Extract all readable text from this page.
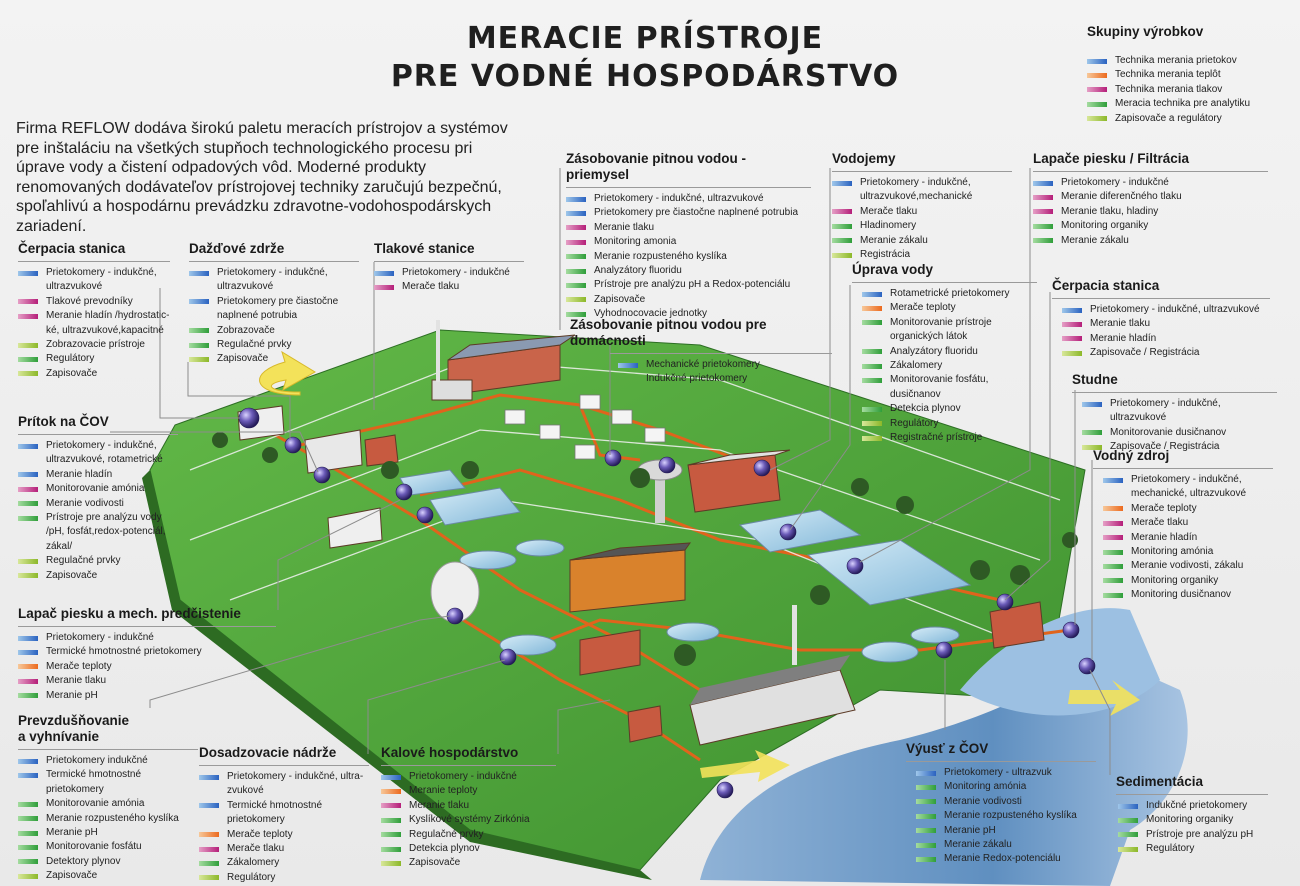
MERACIE PRÍSTROJE
PRE VODNÉ HOSPODÁRSTVO
Firma REFLOW dodáva širokú paletu meracích prístrojov a systémov pre inštaláciu na všetkých stupňoch technologického procesu pri úprave vody a čistení odpadových vôd. Moderné produkty renomovaných dodávateľov prístrojovej techniky zaručujú bezpečnú, spoľahlivú a hospodárnu prevádzku zdravotne-vodohospodárskych zariadení.
Skupiny výrobkov
Technika merania prietokov
Technika merania teplôt
Technika merania tlakov
Meracia technika pre analytiku
Zapisovače a regulátory
Čerpacia stanica
Prietokomery - indukčné,
ultrazvukové
Tlakové prevodníky
Meranie hladín /hydrostatic-
ké, ultrazvukové,kapacitné
Zobrazovacie prístroje
Regulátory
Zapisovače
Dažďové zdrže
Prietokomery - indukčné,
ultrazvukové
Prietokomery pre čiastočne
naplnené potrubia
Zobrazovače
Regulačné prvky
Zapisovače
Tlakové stanice
Prietokomery - indukčné
Merače tlaku
Zásobovanie pitnou vodou - priemysel
Prietokomery - indukčné, ultrazvukové
Prietokomery pre čiastočne naplnené potrubia
Meranie tlaku
Monitoring amonia
Meranie rozpusteného kyslíka
Analyzátory fluoridu
Prístroje pre analýzu pH a Redox-potenciálu
Zapisovače
Vyhodnocovacie jednotky
Vodojemy
Prietokomery - indukčné,
ultrazvukové,mechanické
Merače tlaku
Hladinomery
Meranie zákalu
Registrácia
Lapače piesku / Filtrácia
Prietokomery - indukčné
Meranie diferenčného tlaku
Meranie tlaku, hladiny
Monitoring organiky
Meranie zákalu
Zásobovanie pitnou vodou pre domácnosti
Mechanické prietokomery
Indukčné prietokomery
Úprava vody
Rotametrické prietokomery
Merače teploty
Monitorovanie prístroje
organických látok
Analyzátory fluoridu
Zákalomery
Monitorovanie fosfátu,
dusičnanov
Detekcia plynov
Regulátory
Registračné prístroje
Čerpacia stanica
Prietokomery - indukčné, ultrazvukové
Meranie tlaku
Meranie hladín
Zapisovače / Registrácia
Studne
Prietokomery - indukčné, ultrazvukové
Monitorovanie dusičnanov
Zapisovače / Registrácia
Vodný zdroj
Prietokomery - indukčné,
mechanické, ultrazvukové
Merače teploty
Merače tlaku
Meranie hladín
Monitoring amónia
Meranie vodivosti, zákalu
Monitoring organiky
Monitoring dusičnanov
Prítok na ČOV
Prietokomery - indukčné,
ultrazvukové, rotametrické
Meranie hladín
Monitorovanie amónia
Meranie vodivosti
Prístroje pre analýzu vody
/pH, fosfát,redox-potenciál,
zákal/
Regulačné prvky
Zapisovače
Lapač piesku a mech. predčistenie
Prietokomery - indukčné
Termické hmotnostné prietokomery
Merače teploty
Meranie tlaku
Meranie pH
Prevzdušňovanie
a vyhnívanie
Prietokomery indukčné
Termické hmotnostné prietokomery
Monitorovanie amónia
Meranie rozpusteného kyslíka
Meranie pH
Monitorovanie fosfátu
Detektory plynov
Zapisovače
Dosadzovacie nádrže
Prietokomery - indukčné, ultra-
zvukové
Termické hmotnostné prietokomery
Merače teploty
Merače tlaku
Zákalomery
Regulátory
Kalové hospodárstvo
Prietokomery - indukčné
Meranie teploty
Meranie tlaku
Kyslíkové systémy Zirkónia
Regulačné prvky
Detekcia plynov
Zapisovače
Výusť z ČOV
Prietokomery - ultrazvuk
Monitoring amónia
Meranie vodivosti
Meranie rozpusteného kyslíka
Meranie pH
Meranie zákalu
Meranie Redox-potenciálu
Sedimentácia
Indukčné prietokomery
Monitoring organiky
Prístroje pre analýzu pH
Regulátory
